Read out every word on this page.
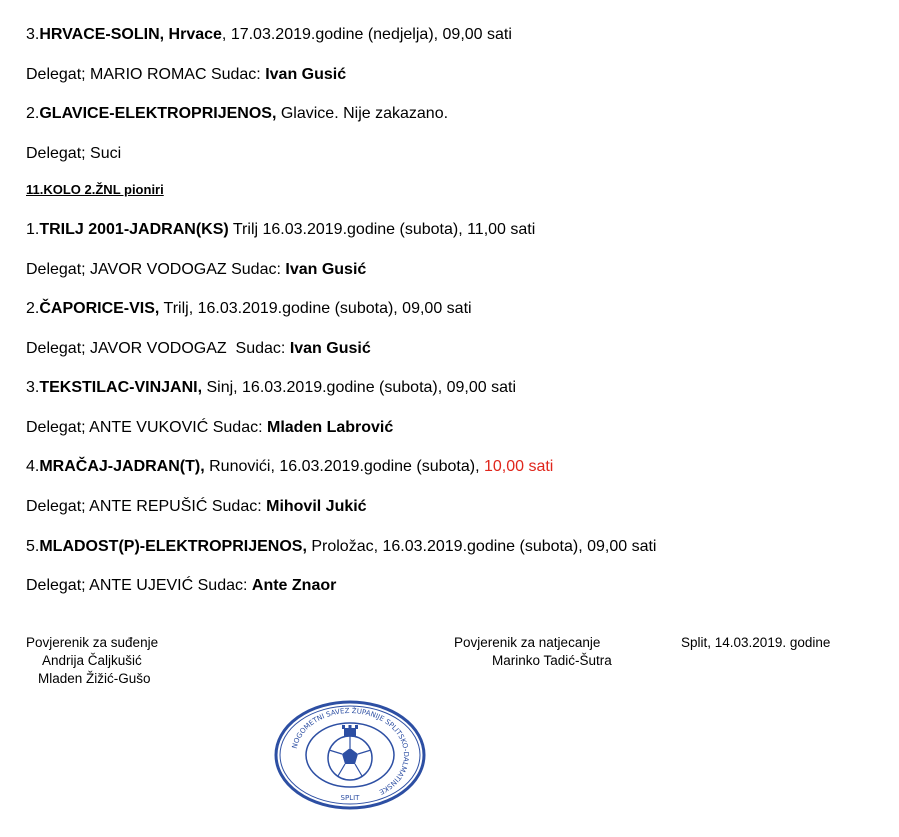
3.HRVACE-SOLIN, Hrvace, 17.03.2019.godine (nedjelja), 09,00 sati
Delegat; MARIO ROMAC Sudac: Ivan Gusić
2.GLAVICE-ELEKTROPRIJENOS, Glavice. Nije zakazano.
Delegat; Suci
11.KOLO 2.ŽNL pioniri
1.TRILJ 2001-JADRAN(KS) Trilj 16.03.2019.godine (subota), 11,00 sati
Delegat; JAVOR VODOGAZ Sudac: Ivan Gusić
2.ČAPORICE-VIS, Trilj, 16.03.2019.godine (subota), 09,00 sati
Delegat; JAVOR VODOGAZ  Sudac: Ivan Gusić
3.TEKSTILAC-VINJANI, Sinj, 16.03.2019.godine (subota), 09,00 sati
Delegat; ANTE VUKOVIĆ Sudac: Mladen Labrović
4.MRAČAJ-JADRAN(T), Runovići, 16.03.2019.godine (subota), 10,00 sati
Delegat; ANTE REPUŠIĆ Sudac: Mihovil Jukić
5.MLADOST(P)-ELEKTROPRIJENOS, Proložac, 16.03.2019.godine (subota), 09,00 sati
Delegat; ANTE UJEVIĆ Sudac: Ante Znaor
Povjerenik za suđenje
Andrija Čaljkušić
Mladen Žižić-Gušo
Povjerenik za natjecanje
Marinko Tadić-Šutra
Split, 14.03.2019. godine
NOGOMETNI SAVEZ ŽUPANIJE SPLITSKO-DALMATINSKE
SPLIT
